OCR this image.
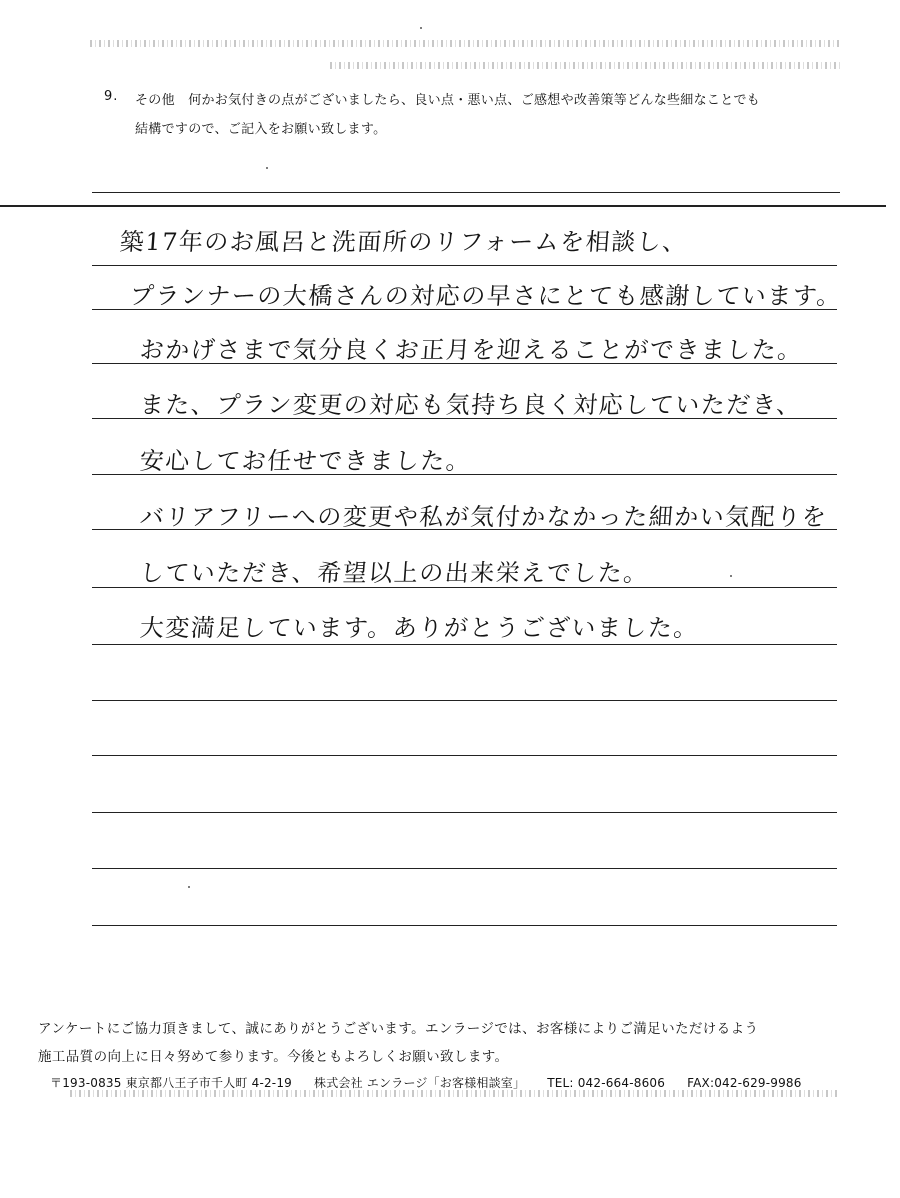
9. その他　何かお気付きの点がございましたら、良い点・悪い点、ご感想や改善策等どんな些細なことでも
結構ですので、ご記入をお願い致します。
築17年のお風呂と洗面所のリフォームを相談し、
プランナーの大橋さんの対応の早さにとても感謝しています。
おかげさまで気分良くお正月を迎えることができました。
また、プラン変更の対応も気持ち良く対応していただき、
安心してお任せできました。
バリアフリーへの変更や私が気付かなかった細かい気配りを
していただき、希望以上の出来栄えでした。
大変満足しています。ありがとうございました。
アンケートにご協力頂きまして、誠にありがとうございます。エンラージでは、お客様によりご満足いただけるよう
施工品質の向上に日々努めて参ります。今後ともよろしくお願い致します。
〒193-0835 東京都八王子市千人町 4-2-19 株式会社 エンラージ「お客様相談室」 TEL: 042-664-8606 FAX:042-629-9986
